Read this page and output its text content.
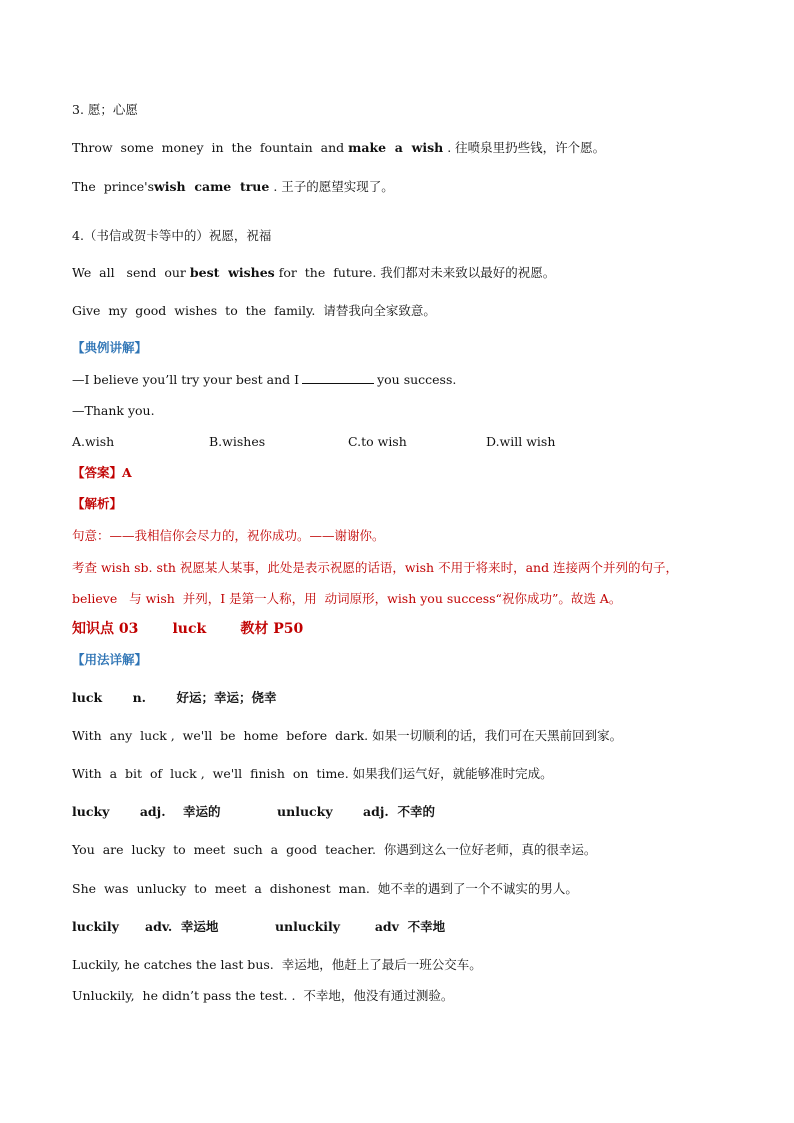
3. 愿；心愿
Throw  some  money  in  the  fountain  and make  a  wish . 往喷泉里扔些钱，许个愿。
The  prince'swish  came  true . 王子的愿望实现了。
4.（书信或贺卡等中的）祝愿，祝福
We  all   send  our best  wishes for  the  future. 我们都对未来致以最好的祝愿。
Give  my  good  wishes  to  the  family.  请替我向全家致意。
【典例讲解】
—I believe you’ll try your best and I	you success.
—Thank you.
A.wish	B.wishes	C.to wish	D.will wish
【答案】A
【解析】
句意：——我相信你会尽力的，祝你成功。——谢谢你。
考查 wish sb. sth 祝愿某人某事，此处是表示祝愿的话语，wish 不用于将来时，and 连接两个并列的句子，
believe   与 wish  并列，I 是第一人称，用  动词原形，wish you success“祝你成功”。故选 A。
知识点 03       luck       教材 P50
【用法详解】
luck       n.       好运；幸运；侥幸
With  any  luck ,  we'll  be  home  before  dark. 如果一切顺利的话，我们可在天黑前回到家。
With  a  bit  of  luck ,  we'll  finish  on  time. 如果我们运气好，就能够准时完成。
lucky       adj.    幸运的             unlucky       adj.  不幸的
You  are  lucky  to  meet  such  a  good  teacher.  你遇到这么一位好老师，真的很幸运。
She  was  unlucky  to  meet  a  dishonest  man.  她不幸的遇到了一个不诚实的男人。
luckily      adv.  幸运地             unluckily        adv  不幸地
Luckily, he catches the last bus.  幸运地，他赶上了最后一班公交车。
Unluckily,  he didn’t pass the test. .  不幸地，他没有通过测验。
